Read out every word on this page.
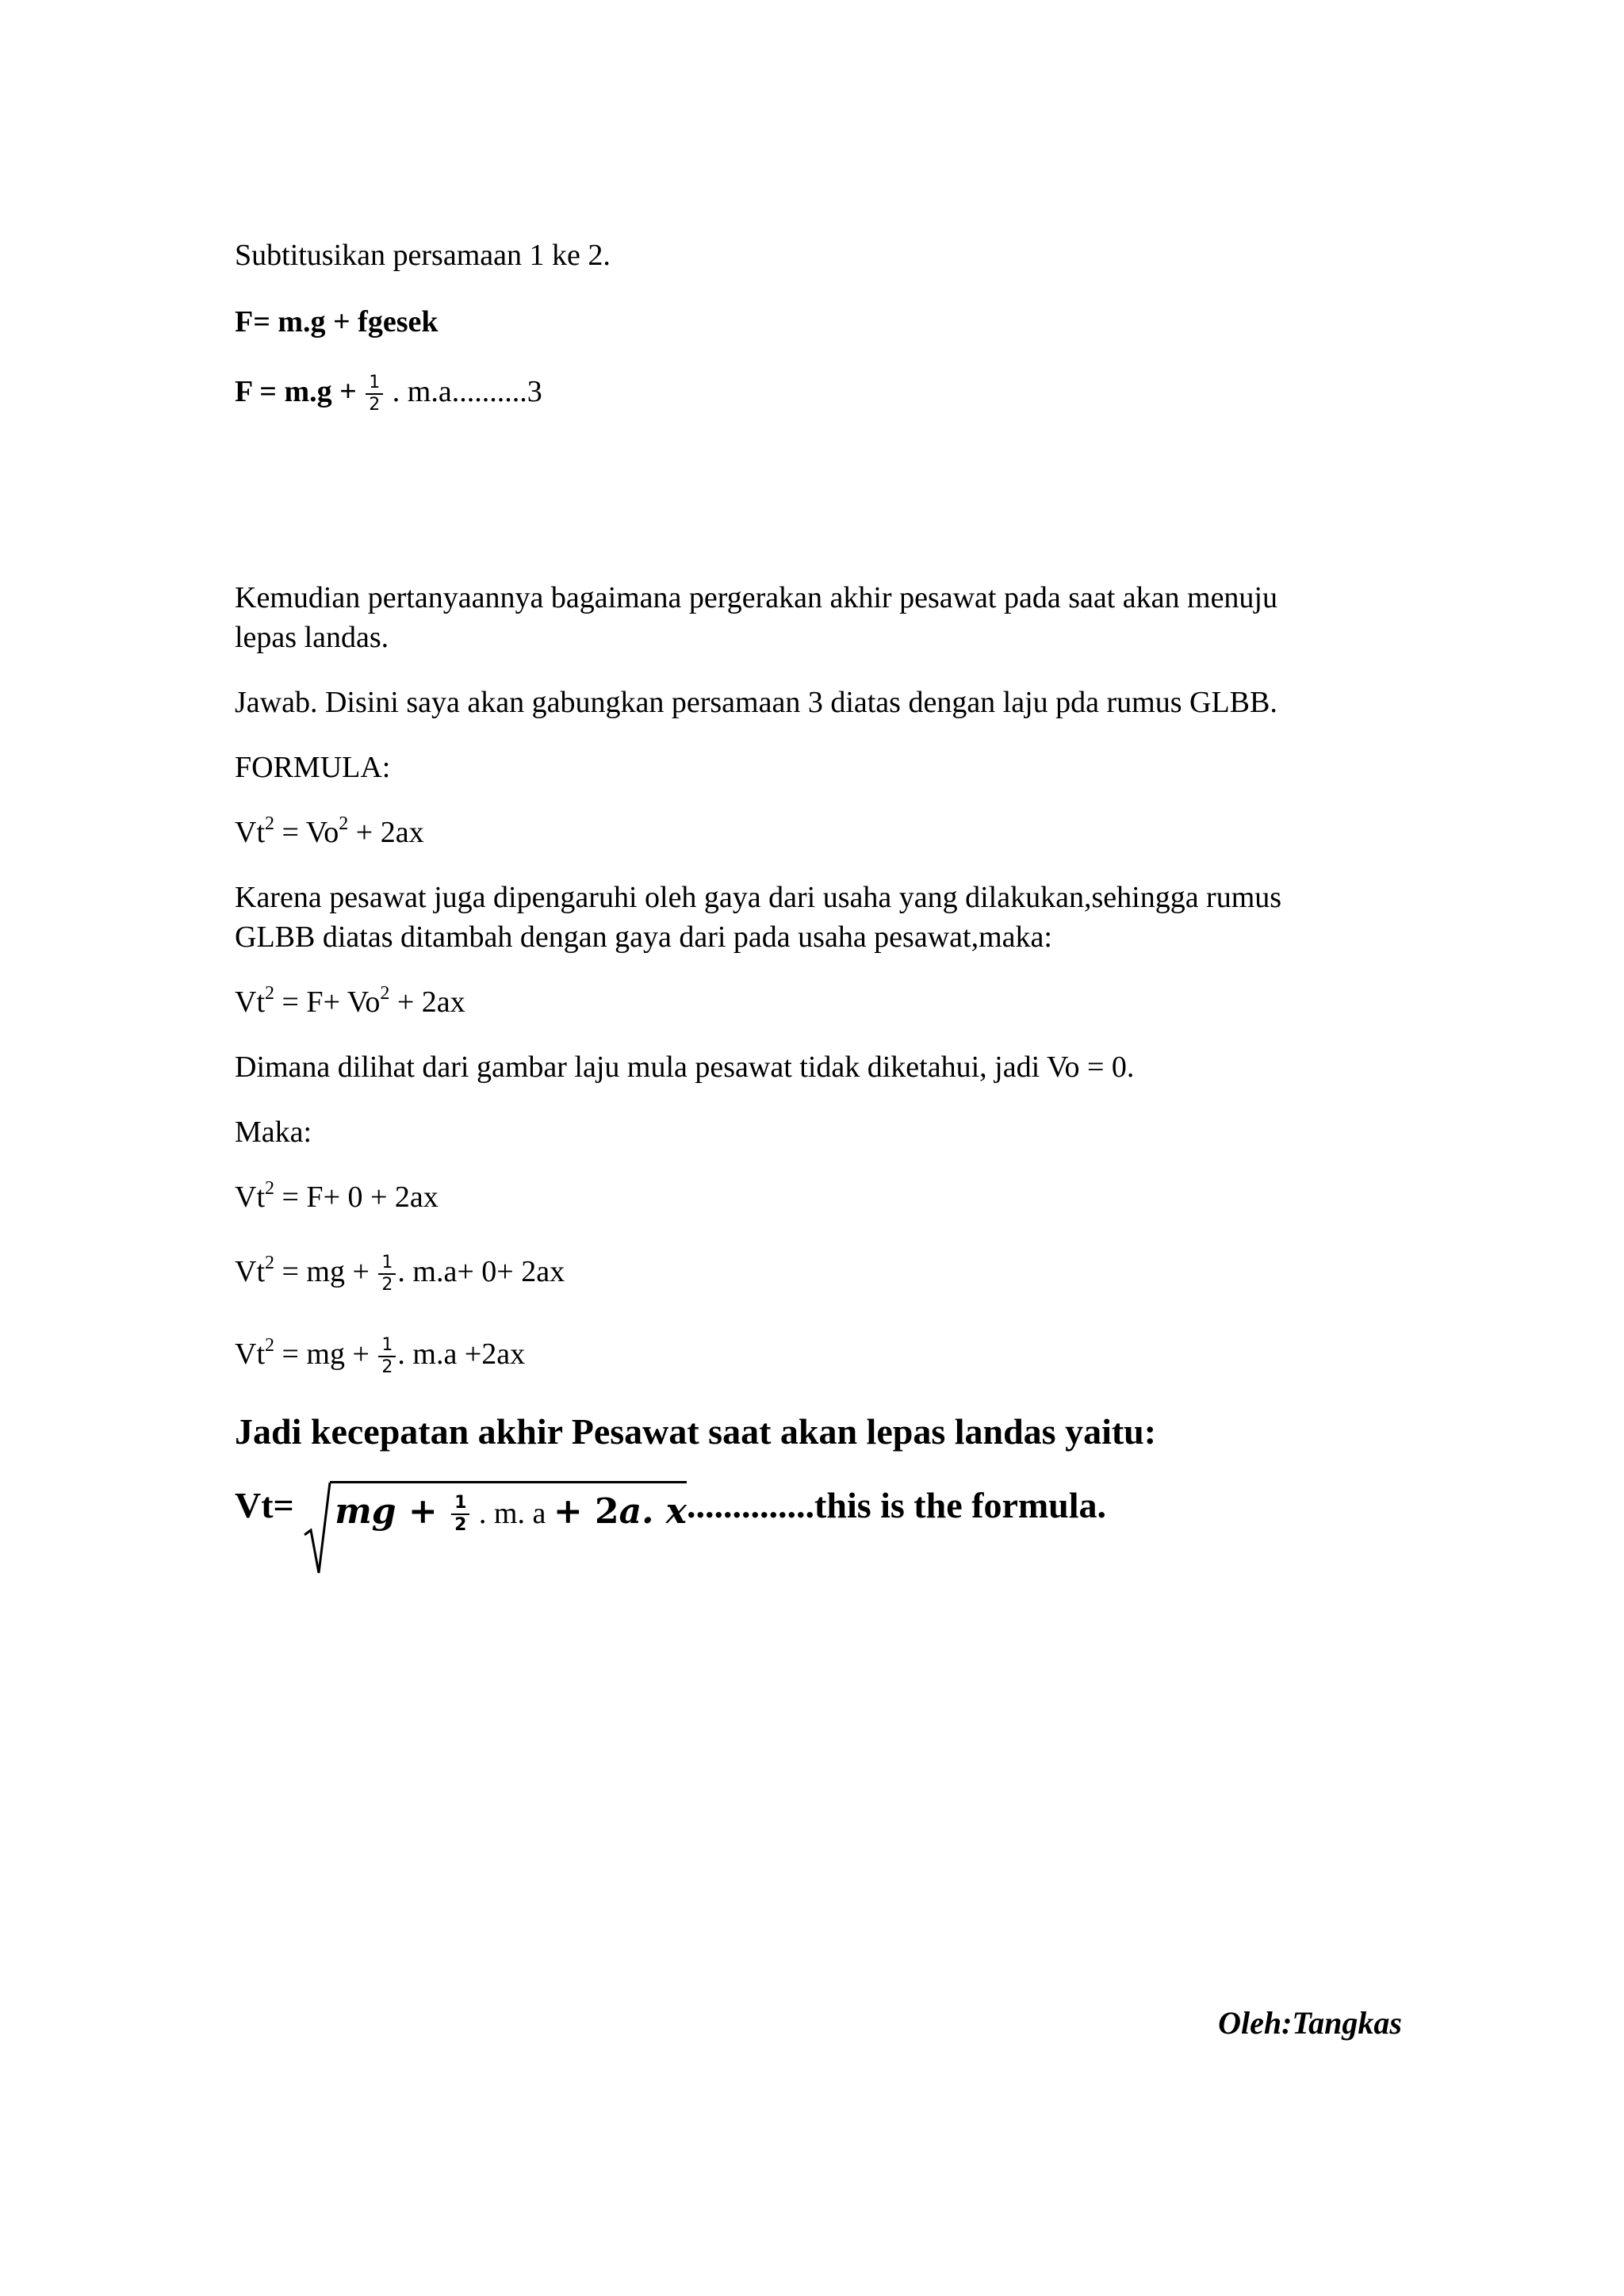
Subtitusikan persamaan 1 ke 2.
F= m.g + fgesek
$F = m.g + \frac{1}{2}$ . m.a..........3
Kemudian pertanyaannya bagaimana pergerakan akhir pesawat pada saat akan menuju
lepas landas.
Jawab. Disini saya akan gabungkan persamaan 3 diatas dengan laju pda rumus GLBB.
FORMULA:
$Vt^2 = Vo^2 + 2ax$
Karena pesawat juga dipengaruhi oleh gaya dari usaha yang dilakukan,sehingga rumus
GLBB diatas ditambah dengan gaya dari pada usaha pesawat,maka:
$Vt^2 = F+ Vo^2 + 2ax$
Dimana dilihat dari gambar laju mula pesawat tidak diketahui, jadi Vo = 0.
Maka:
$Vt^2 = F+ 0 + 2ax$
$Vt^2$ = mg + $\frac{1}{2}$ . m.a+ 0+ 2ax
$Vt^2$ = mg + $\frac{1}{2}$ . m.a +2ax
Jadi kecepatan akhir Pesawat saat akan lepas landas yaitu:
Vt= mg + $\frac{1}{2}$ . m. a + 2a. x..............this is the formula.
Oleh:Tangkas
